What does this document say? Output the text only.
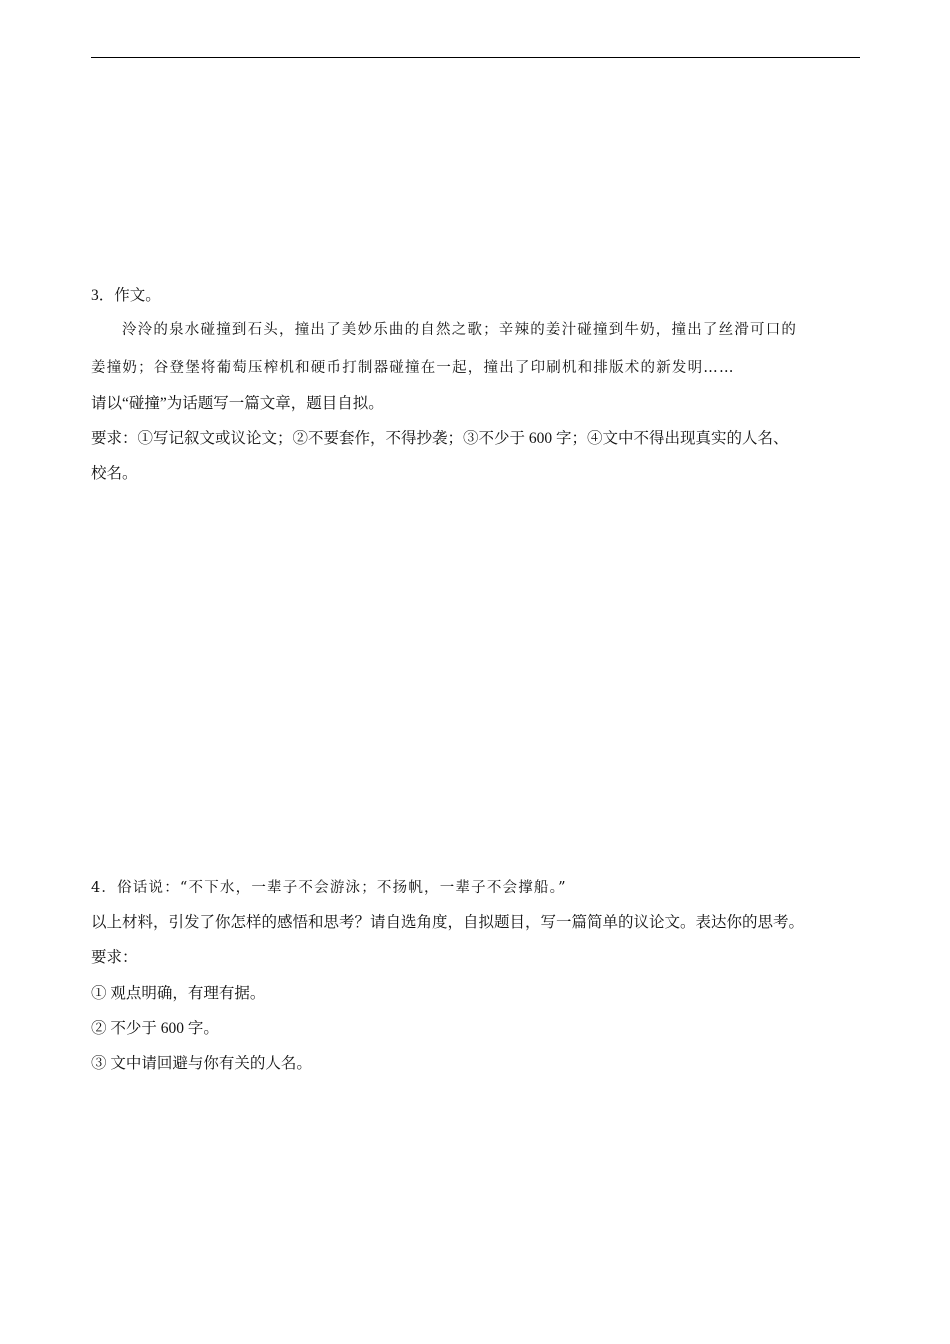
3．作文。
泠泠的泉水碰撞到石头，撞出了美妙乐曲的自然之歌；辛辣的姜汁碰撞到牛奶，撞出了丝滑可口的
姜撞奶；谷登堡将葡萄压榨机和硬币打制器碰撞在一起，撞出了印刷机和排版术的新发明……
请以“碰撞”为话题写一篇文章，题目自拟。
要求：①写记叙文或议论文；②不要套作，不得抄袭；③不少于 600 字；④文中不得出现真实的人名、
校名。
4．俗话说：“不下水，一辈子不会游泳；不扬帆，一辈子不会撑船。”
以上材料，引发了你怎样的感悟和思考？请自选角度，自拟题目，写一篇简单的议论文。表达你的思考。
要求：
① 观点明确，有理有据。
② 不少于 600 字。
③ 文中请回避与你有关的人名。
